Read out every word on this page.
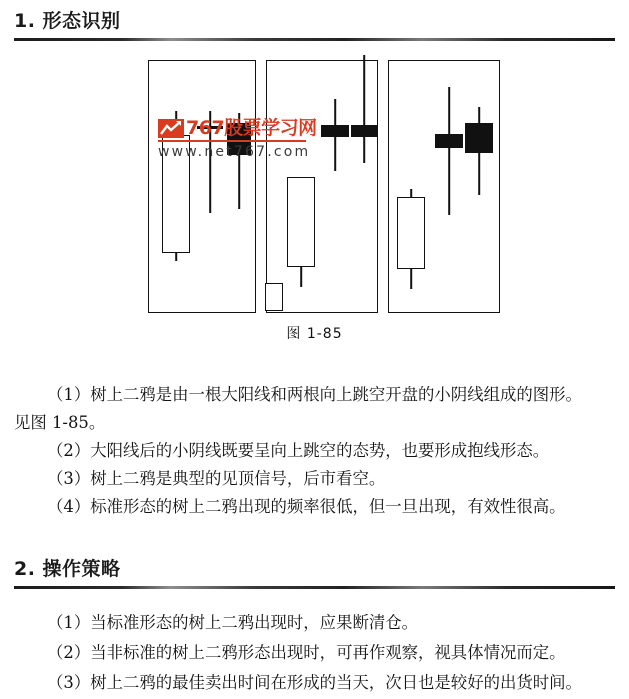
1. 形态识别
767股票学习网
www.net767.com
图 1-85
（1）树上二鸦是由一根大阳线和两根向上跳空开盘的小阴线组成的图形。
见图 1-85。
（2）大阳线后的小阴线既要呈向上跳空的态势，也要形成抱线形态。
（3）树上二鸦是典型的见顶信号，后市看空。
（4）标准形态的树上二鸦出现的频率很低，但一旦出现，有效性很高。
2. 操作策略
（1）当标准形态的树上二鸦出现时，应果断清仓。
（2）当非标准的树上二鸦形态出现时，可再作观察，视具体情况而定。
（3）树上二鸦的最佳卖出时间在形成的当天，次日也是较好的出货时间。
